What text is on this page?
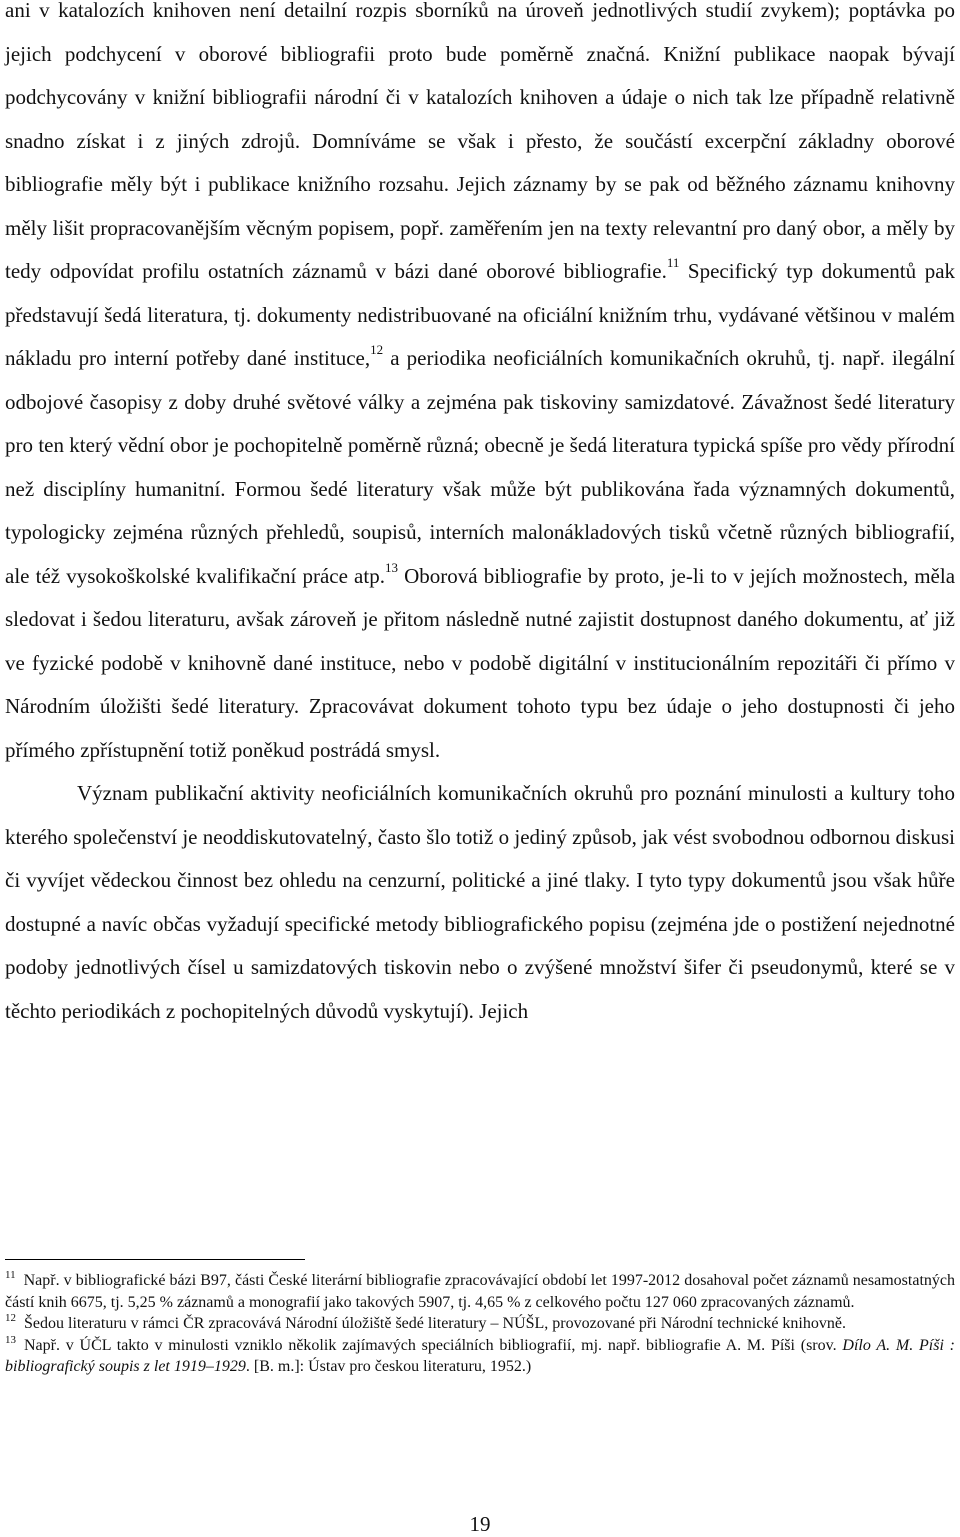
ani v katalozích knihoven není detailní rozpis sborníků na úroveň jednotlivých studií zvykem); poptávka po jejich podchycení v oborové bibliografii proto bude poměrně značná. Knižní publikace naopak bývají podchycovány v knižní bibliografii národní či v katalozích knihoven a údaje o nich tak lze případně relativně snadno získat i z jiných zdrojů. Domníváme se však i přesto, že součástí excerpční základny oborové bibliografie měly být i publikace knižního rozsahu. Jejich záznamy by se pak od běžného záznamu knihovny měly lišit propracovanějším věcným popisem, popř. zaměřením jen na texty relevantní pro daný obor, a měly by tedy odpovídat profilu ostatních záznamů v bázi dané oborové bibliografie.$^{11}$ Specifický typ dokumentů pak představují šedá literatura, tj. dokumenty nedistribuované na oficiální knižním trhu, vydávané většinou v malém nákladu pro interní potřeby dané instituce,$^{12}$ a periodika neoficiálních komunikačních okruhů, tj. např. ilegální odbojové časopisy z doby druhé světové války a zejména pak tiskoviny samizdatové. Závažnost šedé literatury pro ten který vědní obor je pochopitelně poměrně různá; obecně je šedá literatura typická spíše pro vědy přírodní než disciplíny humanitní. Formou šedé literatury však může být publikována řada významných dokumentů, typologicky zejména různých přehledů, soupisů, interních malonákladových tisků včetně různých bibliografií, ale též vysokoškolské kvalifikační práce atp.$^{13}$ Oborová bibliografie by proto, je-li to v jejích možnostech, měla sledovat i šedou literaturu, avšak zároveň je přitom následně nutné zajistit dostupnost daného dokumentu, ať již ve fyzické podobě v knihovně dané instituce, nebo v podobě digitální v institucionálním repozitáři či přímo v Národním úložišti šedé literatury. Zpracovávat dokument tohoto typu bez údaje o jeho dostupnosti či jeho přímého zpřístupnění totiž poněkud postrádá smysl.

Význam publikační aktivity neoficiálních komunikačních okruhů pro poznání minulosti a kultury toho kterého společenství je neoddiskutovatelný, často šlo totiž o jediný způsob, jak vést svobodnou odbornou diskusi či vyvíjet vědeckou činnost bez ohledu na cenzurní, politické a jiné tlaky. I tyto typy dokumentů jsou však hůře dostupné a navíc občas vyžadují specifické metody bibliografického popisu (zejména jde o postižení nejednotné podoby jednotlivých čísel u samizdatových tiskovin nebo o zvýšené množství šifer či pseudonymů, které se v těchto periodikách z pochopitelných důvodů vyskytují). Jejich

$^{11}$ Např. v bibliografické bázi B97, části České literární bibliografie zpracovávající období let 1997-2012 dosahoval počet záznamů nesamostatných částí knih 6675, tj. 5,25 % záznamů a monografií jako takových 5907, tj. 4,65 % z celkového počtu 127 060 zpracovaných záznamů.

$^{12}$ Šedou literaturu v rámci ČR zpracovává Národní úložiště šedé literatury – NÚŠL, provozované při Národní technické knihovně.

$^{13}$ Např. v ÚČL takto v minulosti vzniklo několik zajímavých speciálních bibliografií, mj. např. bibliografie A. M. Píši (srov. Dílo A. M. Píši : bibliografický soupis z let 1919–1929. [B. m.]: Ústav pro českou literaturu, 1952.)

19
